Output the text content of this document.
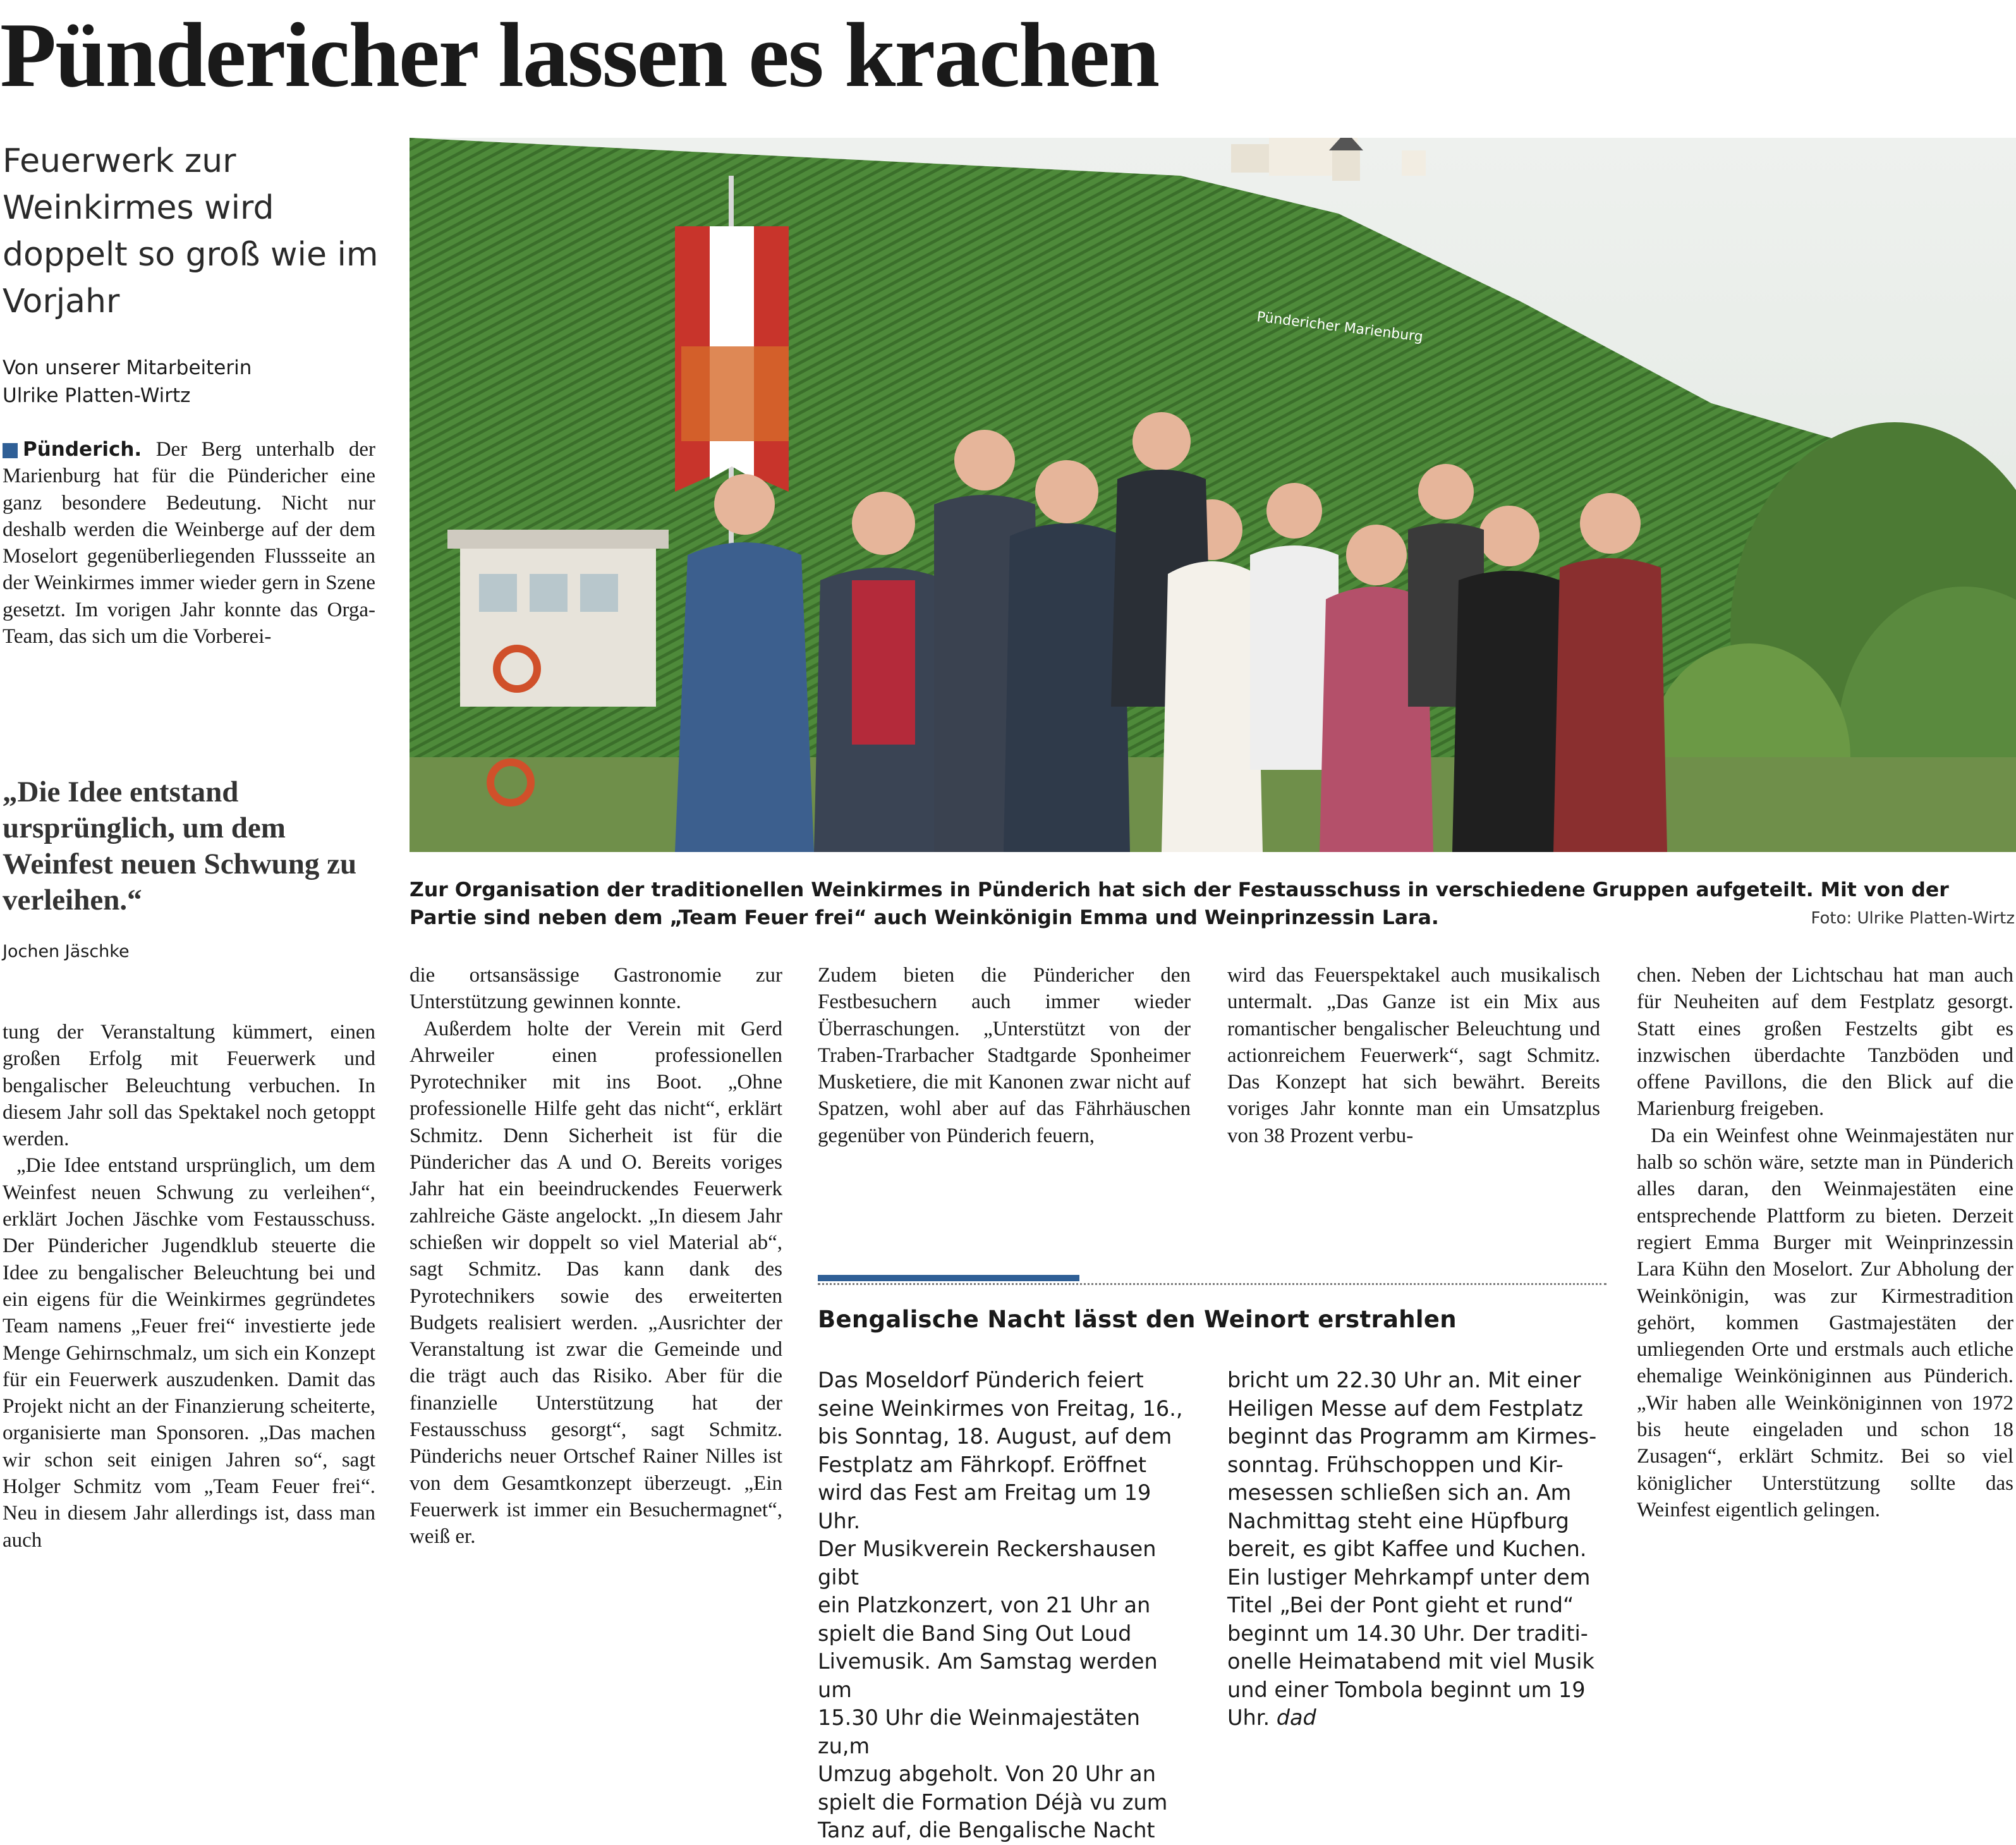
Pündericher lassen es krachen
Feuerwerk zur Weinkirmes wird doppelt so groß wie im Vorjahr
Von unserer Mitarbeiterin
Ulrike Platten-Wirtz

Pünderich. Der Berg unterhalb der Marienburg hat für die Pündericher eine ganz besondere Bedeutung. Nicht nur deshalb werden die Weinberge auf der dem Moselort gegenüberliegenden Flussseite an der Weinkirmes immer wieder gern in Szene gesetzt. Im vorigen Jahr konnte das Orga-Team, das sich um die Vorberei-

„Die Idee entstand ursprünglich, um dem Weinfest neuen Schwung zu verleihen.“
Jochen Jäschke
Pündericher Marienburg
Zur Organisation der traditionellen Weinkirmes in Pünderich hat sich der Festausschuss in verschiedene Gruppen aufgeteilt. Mit von der Partie sind neben dem „Team Feuer frei“ auch Weinkönigin Emma und Weinprinzessin Lara.	Foto: Ulrike Platten-Wirtz

tung der Veranstaltung kümmert, einen großen Erfolg mit Feuerwerk und bengalischer Beleuchtung verbuchen. In diesem Jahr soll das Spektakel noch getoppt werden.

„Die Idee entstand ursprünglich, um dem Weinfest neuen Schwung zu verleihen“, erklärt Jochen Jäschke vom Festausschuss. Der Pündericher Jugendklub steuerte die Idee zu bengalischer Beleuchtung bei und ein eigens für die Weinkirmes gegründetes Team namens „Feuer frei“ investierte jede Menge Gehirnschmalz, um sich ein Konzept für ein Feuerwerk auszudenken. Damit das Projekt nicht an der Finanzierung scheiterte, organisierte man Sponsoren. „Das machen wir schon seit einigen Jahren so“, sagt Holger Schmitz vom „Team Feuer frei“. Neu in diesem Jahr allerdings ist, dass man auch

die ortsansässige Gastronomie zur Unterstützung gewinnen konnte.

Außerdem holte der Verein mit Gerd Ahrweiler einen professionellen Pyrotechniker mit ins Boot. „Ohne professionelle Hilfe geht das nicht“, erklärt Schmitz. Denn Sicherheit ist für die Pündericher das A und O. Bereits voriges Jahr hat ein beeindruckendes Feuerwerk zahlreiche Gäste angelockt. „In diesem Jahr schießen wir doppelt so viel Material ab“, sagt Schmitz. Das kann dank des Pyrotechnikers sowie des erweiterten Budgets realisiert werden. „Ausrichter der Veranstaltung ist zwar die Gemeinde und die trägt auch das Risiko. Aber für die finanzielle Unterstützung hat der Festausschuss gesorgt“, sagt Schmitz. Pünderichs neuer Ortschef Rainer Nilles ist von dem Gesamtkonzept überzeugt. „Ein Feuerwerk ist immer ein Besuchermagnet“, weiß er.

Zudem bieten die Pündericher den Festbesuchern auch immer wieder Überraschungen. „Unterstützt von der Traben-Trarbacher Stadtgarde Sponheimer Musketiere, die mit Kanonen zwar nicht auf Spatzen, wohl aber auf das Fährhäuschen gegenüber von Pünderich feuern,

wird das Feuerspektakel auch musikalisch untermalt. „Das Ganze ist ein Mix aus romantischer bengalischer Beleuchtung und actionreichem Feuerwerk“, sagt Schmitz. Das Konzept hat sich bewährt. Bereits voriges Jahr konnte man ein Umsatzplus von 38 Prozent verbu-

chen. Neben der Lichtschau hat man auch für Neuheiten auf dem Festplatz gesorgt. Statt eines großen Festzelts gibt es inzwischen überdachte Tanzböden und offene Pavillons, die den Blick auf die Marienburg freigeben.

Da ein Weinfest ohne Weinmajestäten nur halb so schön wäre, setzte man in Pünderich alles daran, den Weinmajestäten eine entsprechende Plattform zu bieten. Derzeit regiert Emma Burger mit Weinprinzessin Lara Kühn den Moselort. Zur Abholung der Weinkönigin, was zur Kirmestradition gehört, kommen Gastmajestäten der umliegenden Orte und erstmals auch etliche ehemalige Weinköniginnen aus Pünderich. „Wir haben alle Weinköniginnen von 1972 bis heute eingeladen und schon 18 Zusagen“, erklärt Schmitz. Bei so viel königlicher Unterstützung sollte das Weinfest eigentlich gelingen.

Bengalische Nacht lässt den Weinort erstrahlen
Das Moseldorf Pünderich feiert
seine Weinkirmes von Freitag, 16.,
bis Sonntag, 18. August, auf dem
Festplatz am Fährkopf. Eröffnet
wird das Fest am Freitag um 19 Uhr.
Der Musikverein Reckershausen gibt
ein Platzkonzert, von 21 Uhr an
spielt die Band Sing Out Loud
Livemusik. Am Samstag werden um
15.30 Uhr die Weinmajestäten zu,m
Umzug abgeholt. Von 20 Uhr an
spielt die Formation Déjà vu zum
Tanz auf, die Bengalische Nacht
bricht um 22.30 Uhr an. Mit einer
Heiligen Messe auf dem Festplatz
beginnt das Programm am Kirmes-
sonntag. Frühschoppen und Kir-
mesessen schließen sich an. Am
Nachmittag steht eine Hüpfburg
bereit, es gibt Kaffee und Kuchen.
Ein lustiger Mehrkampf unter dem
Titel „Bei der Pont gieht et rund“
beginnt um 14.30 Uhr. Der traditi-
onelle Heimatabend mit viel Musik
und einer Tombola beginnt um 19
Uhr. dad
